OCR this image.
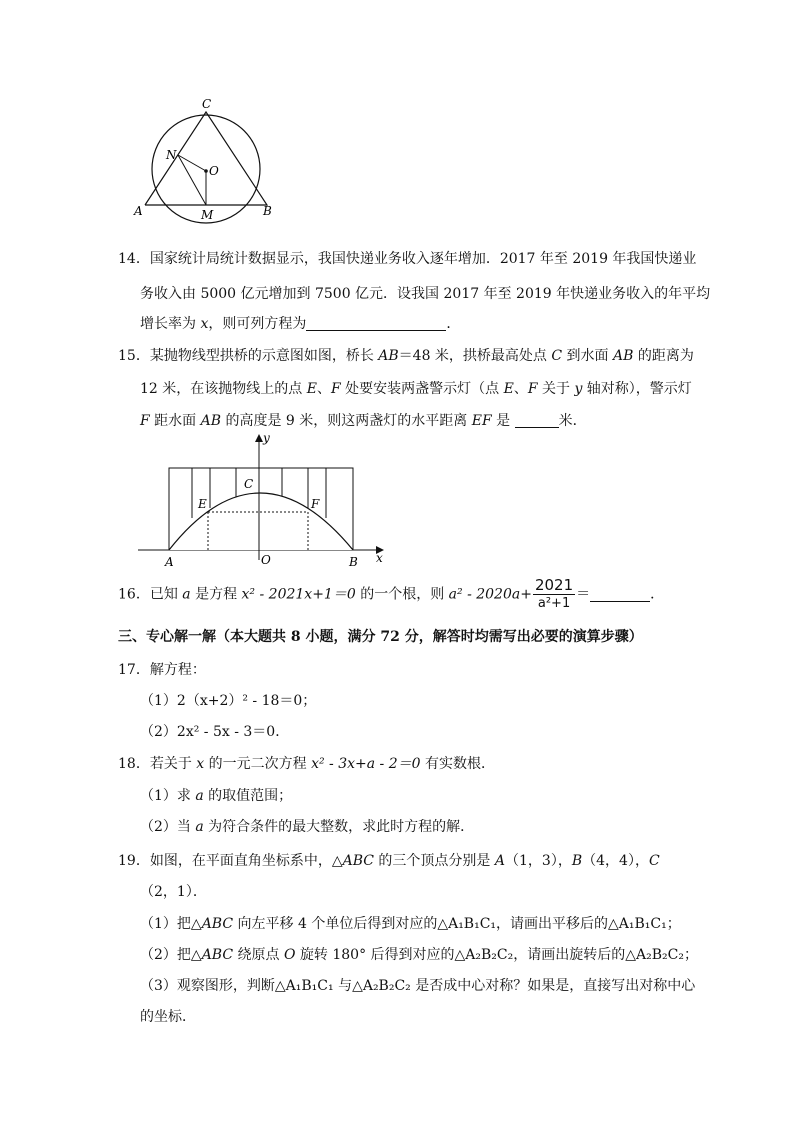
C
N
O
A	M	B
14．国家统计局统计数据显示，我国快递业务收入逐年增加．2017 年至 2019 年我国快递业
务收入由 5000 亿元增加到 7500 亿元．设我国 2017 年至 2019 年快递业务收入的年平均
增长率为 x，则可列方程为	．
15．某抛物线型拱桥的示意图如图，桥长 AB＝48 米，拱桥最高处点 C 到水面 AB 的距离为
12 米，在该抛物线上的点 E、F 处要安装两盏警示灯（点 E、F 关于 y 轴对称），警示灯
F 距水面 AB 的高度是 9 米，则这两盏灯的水平距离 EF 是	米．
y
x
C
E	F
A	O	B
16．已知 a 是方程 x² - 2021x+1＝0 的一个根，则 $a^2 - 2020a+ \frac{2021}{\text{a²+1}}$ ＝	．
三、专心解一解（本大题共 8 小题，满分 72 分，解答时均需写出必要的演算步骤）
17．解方程：
（1）2（x+2）² - 18＝0；
（2）2x² - 5x - 3＝0．
18．若关于 x 的一元二次方程 x² - 3x+a - 2＝0 有实数根．
（1）求 a 的取值范围；
（2）当 a 为符合条件的最大整数，求此时方程的解．
19．如图，在平面直角坐标系中，△ABC 的三个顶点分别是 A（1，3），B（4，4），C
（2，1）．
（1）把△ABC 向左平移 4 个单位后得到对应的△A₁B₁C₁，请画出平移后的△A₁B₁C₁；
（2）把△ABC 绕原点 O 旋转 180° 后得到对应的△A₂B₂C₂，请画出旋转后的△A₂B₂C₂；
（3）观察图形，判断△A₁B₁C₁ 与△A₂B₂C₂ 是否成中心对称？如果是，直接写出对称中心
的坐标．
